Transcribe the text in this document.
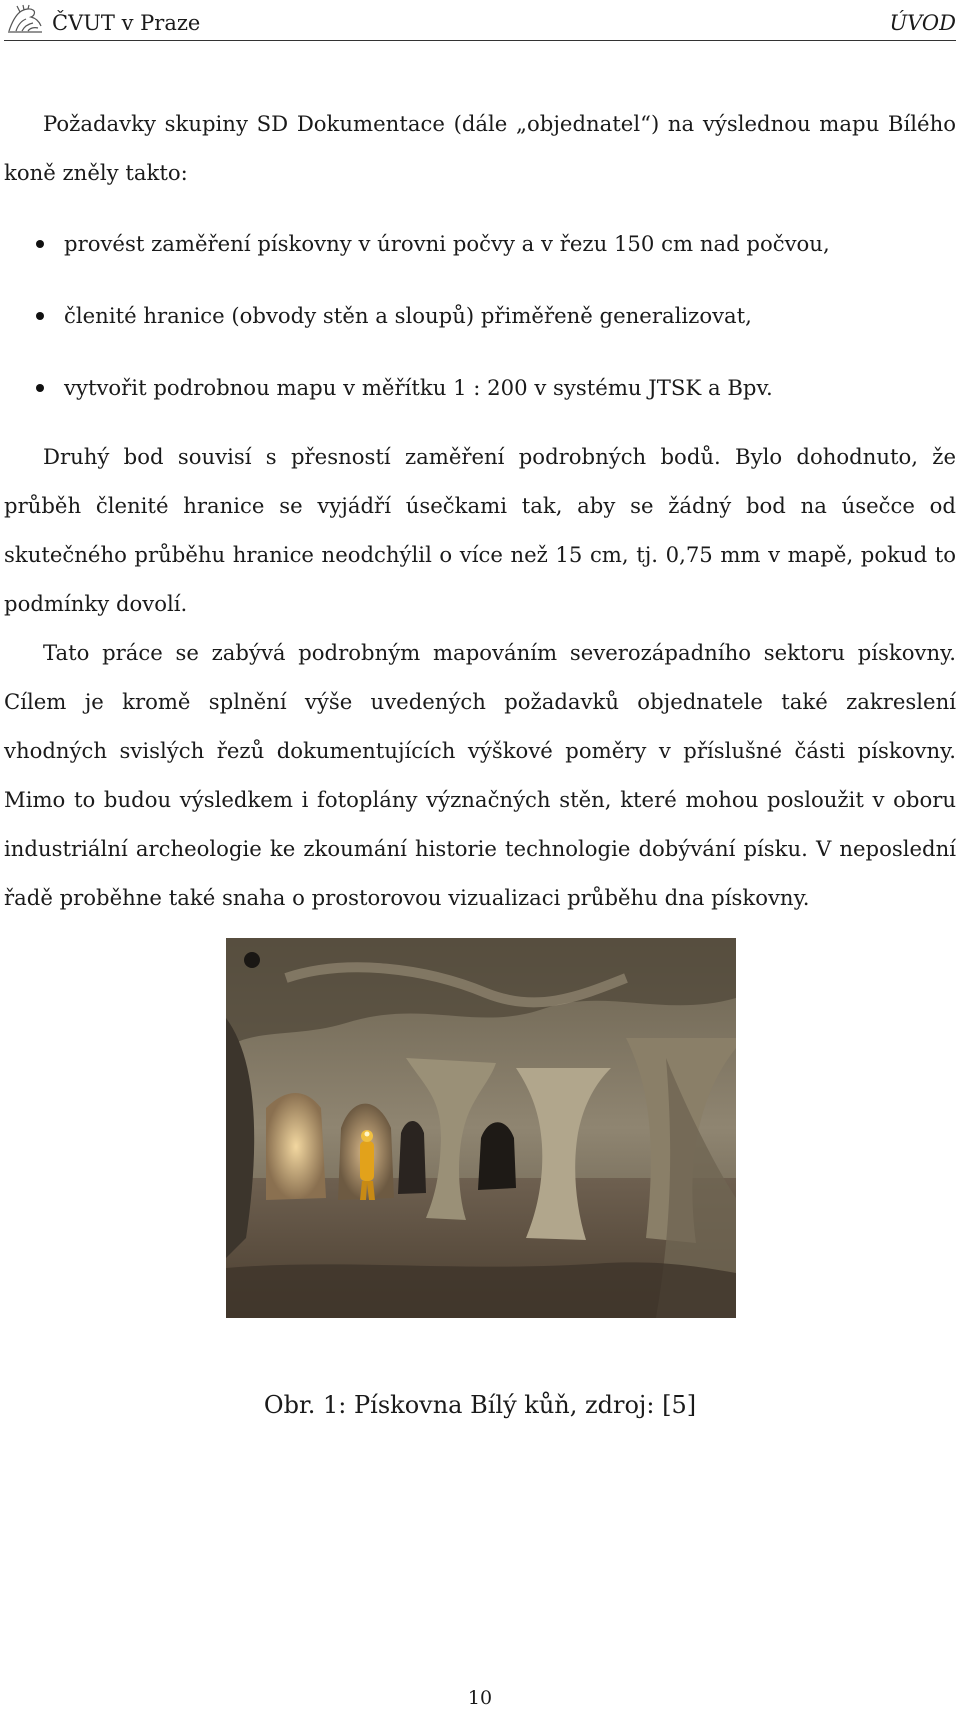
ČVUT v Praze	ÚVOD

Požadavky skupiny SD Dokumentace (dále „objednatel“) na výslednou mapu Bílého koně zněly takto:

provést zaměření pískovny v úrovni počvy a v řezu 150 cm nad počvou,
členité hranice (obvody stěn a sloupů) přiměřeně generalizovat,
vytvořit podrobnou mapu v měřítku 1 : 200 v systému JTSK a Bpv.

Druhý bod souvisí s přesností zaměření podrobných bodů. Bylo dohodnuto, že průběh členité hranice se vyjádří úsečkami tak, aby se žádný bod na úsečce od skutečného průběhu hranice neodchýlil o více než 15 cm, tj. 0,75 mm v mapě, pokud to podmínky dovolí.

Tato práce se zabývá podrobným mapováním severozápadního sektoru pískovny. Cílem je kromě splnění výše uvedených požadavků objednatele také zakreslení vhodných svislých řezů dokumentujících výškové poměry v příslušné části pískovny. Mimo to budou výsledkem i fotoplány význačných stěn, které mohou posloužit v oboru industriální archeologie ke zkoumání historie technologie dobývání písku. V neposlední řadě proběhne také snaha o prostorovou vizualizaci průběhu dna pískovny.

Obr. 1: Pískovna Bílý kůň, zdroj: [5]
10
